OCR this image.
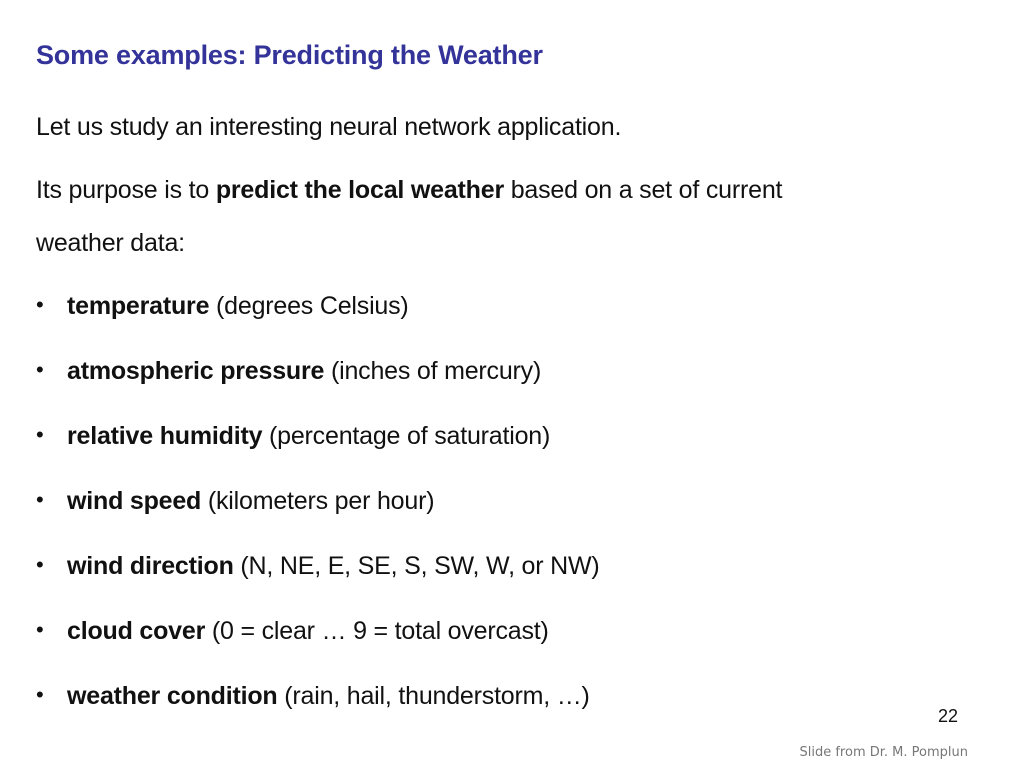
Some examples: Predicting the Weather

Let us study an interesting neural network application.

Its purpose is to predict the local weather based on a set of current
weather data:

• temperature (degrees Celsius)
• atmospheric pressure (inches of mercury)
• relative humidity (percentage of saturation)
• wind speed (kilometers per hour)
• wind direction (N, NE, E, SE, S, SW, W, or NW)
• cloud cover (0 = clear … 9 = total overcast)
• weather condition (rain, hail, thunderstorm, …)
22
Slide from Dr. M. Pomplun
